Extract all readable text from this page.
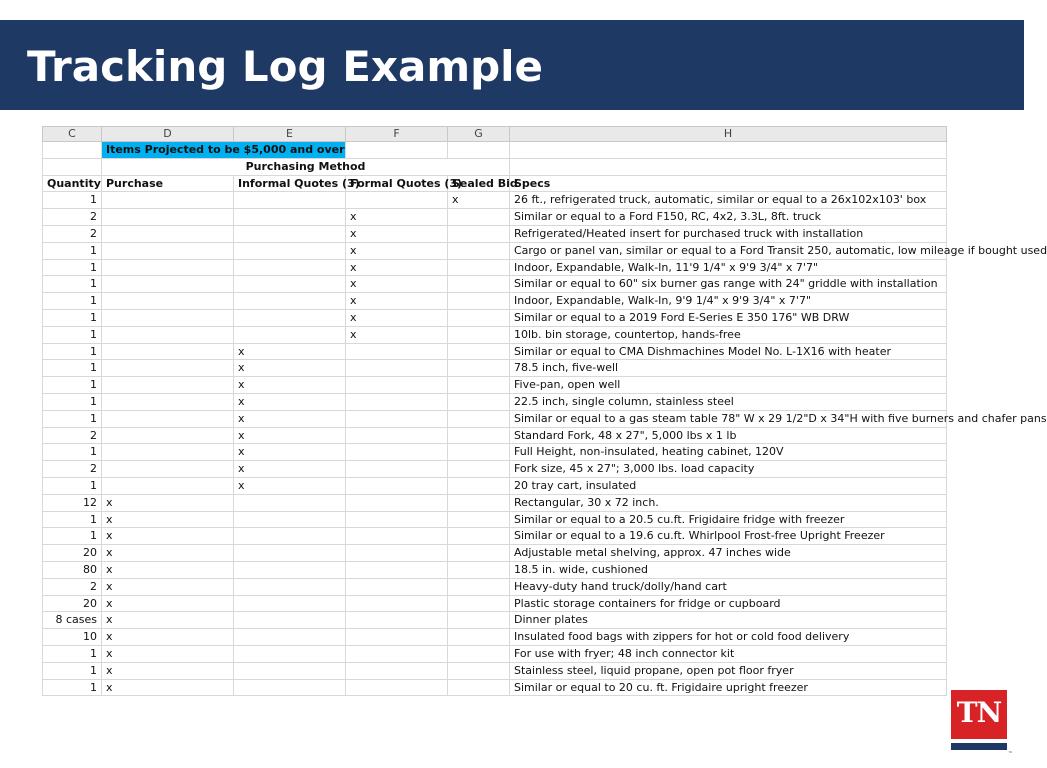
Tracking Log Example
C	D	E	F	G	H
	Items Projected to be $5,000 and over				
	Purchasing Method				
Quantity	Purchase	Informal Quotes (3)	Formal Quotes (3)	Sealed Bid	Specs
1				x	26 ft., refrigerated truck, automatic, similar or equal to a 26x102x103' box
2			x		Similar or equal to a Ford F150, RC, 4x2, 3.3L, 8ft. truck
2			x		Refrigerated/Heated insert for purchased truck with installation
1			x		Cargo or panel van, similar or equal to a Ford Transit 250, automatic, low mileage if bought used
1			x		Indoor, Expandable, Walk-In, 11'9 1/4" x 9'9 3/4" x 7'7"
1			x		Similar or equal to 60" six burner gas range with 24" griddle with installation
1			x		Indoor, Expandable, Walk-In, 9'9 1/4" x 9'9 3/4" x 7'7"
1			x		Similar or equal to a 2019 Ford E-Series E 350 176" WB DRW
1			x		10lb. bin storage, countertop, hands-free
1		x			Similar or equal to CMA Dishmachines Model No. L-1X16 with heater
1		x			78.5 inch, five-well
1		x			Five-pan, open well
1		x			22.5 inch, single column, stainless steel
1		x			Similar or equal to a gas steam table 78" W x 29 1/2"D x 34"H with five burners and chafer pans
2		x			Standard Fork, 48 x 27", 5,000 lbs x 1 lb
1		x			Full Height, non-insulated, heating cabinet, 120V
2		x			Fork size, 45 x 27"; 3,000 lbs. load capacity
1		x			20 tray cart, insulated
12	x				Rectangular, 30 x 72 inch.
1	x				Similar or equal to a 20.5 cu.ft. Frigidaire fridge with freezer
1	x				Similar or equal to a 19.6 cu.ft. Whirlpool Frost-free Upright Freezer
20	x				Adjustable metal shelving, approx. 47 inches wide
80	x				18.5 in. wide, cushioned
2	x				Heavy-duty hand truck/dolly/hand cart
20	x				Plastic storage containers for fridge or cupboard
8 cases	x				Dinner plates
10	x				Insulated food bags with zippers for hot or cold food delivery
1	x				For use with fryer; 48 inch connector kit
1	x				Stainless steel, liquid propane, open pot floor fryer
1	x				Similar or equal to 20 cu. ft. Frigidaire upright freezer
TN
™
